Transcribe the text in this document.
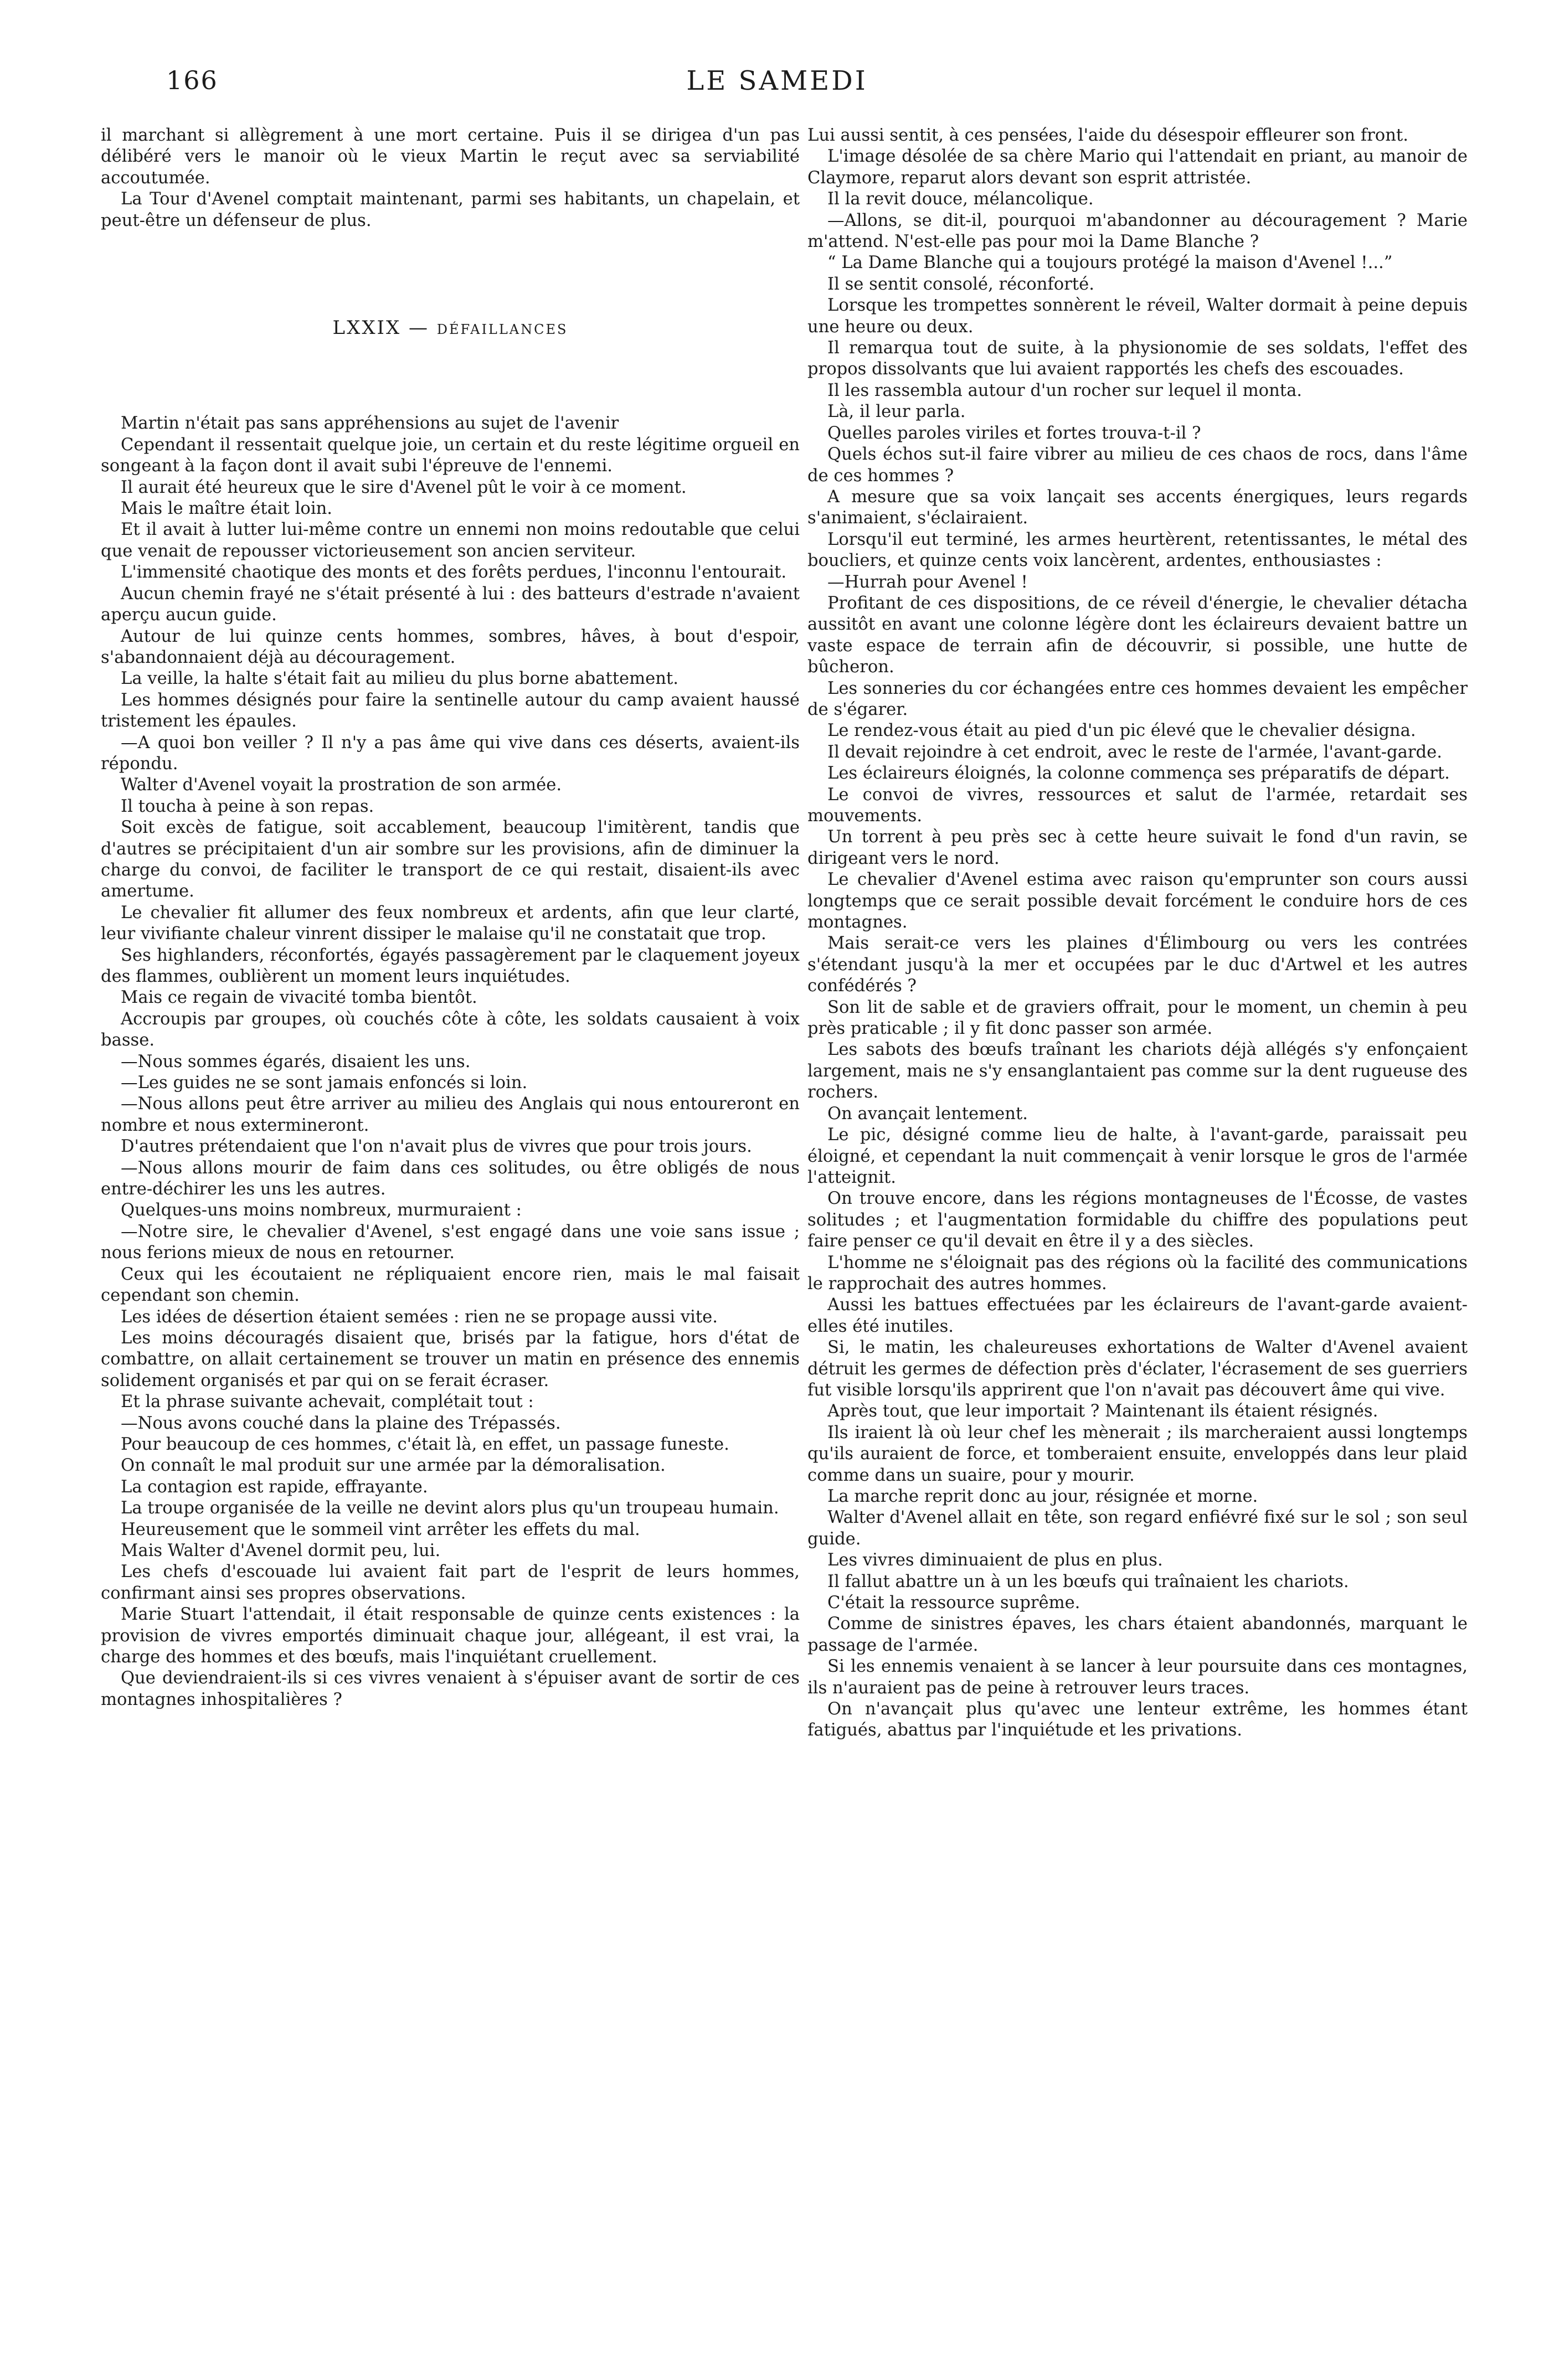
166	LE SAMEDI

il marchant si allègrement à une mort certaine. Puis il se dirigea d'un pas délibéré vers le manoir où le vieux Martin le reçut avec sa serviabilité accoutumée.

La Tour d'Avenel comptait maintenant, parmi ses habitants, un chapelain, et peut-être un défenseur de plus.

LXXIX — DÉFAILLANCES

Martin n'était pas sans appréhensions au sujet de l'avenir

Cependant il ressentait quelque joie, un certain et du reste légitime orgueil en songeant à la façon dont il avait subi l'épreuve de l'ennemi.

Il aurait été heureux que le sire d'Avenel pût le voir à ce moment.

Mais le maître était loin.

Et il avait à lutter lui-même contre un ennemi non moins redoutable que celui que venait de repousser victorieusement son ancien serviteur.

L'immensité chaotique des monts et des forêts perdues, l'inconnu l'entourait.

Aucun chemin frayé ne s'était présenté à lui : des batteurs d'estrade n'avaient aperçu aucun guide.

Autour de lui quinze cents hommes, sombres, hâves, à bout d'espoir, s'abandonnaient déjà au découragement.

La veille, la halte s'était fait au milieu du plus borne abattement.

Les hommes désignés pour faire la sentinelle autour du camp avaient haussé tristement les épaules.

—A quoi bon veiller ? Il n'y a pas âme qui vive dans ces déserts, avaient-ils répondu.

Walter d'Avenel voyait la prostration de son armée.

Il toucha à peine à son repas.

Soit excès de fatigue, soit accablement, beaucoup l'imitèrent, tandis que d'autres se précipitaient d'un air sombre sur les provisions, afin de diminuer la charge du convoi, de faciliter le transport de ce qui restait, disaient-ils avec amertume.

Le chevalier fit allumer des feux nombreux et ardents, afin que leur clarté, leur vivifiante chaleur vinrent dissiper le malaise qu'il ne constatait que trop.

Ses highlanders, réconfortés, égayés passagèrement par le claquement joyeux des flammes, oublièrent un moment leurs inquiétudes.

Mais ce regain de vivacité tomba bientôt.

Accroupis par groupes, où couchés côte à côte, les soldats causaient à voix basse.

—Nous sommes égarés, disaient les uns.

—Les guides ne se sont jamais enfoncés si loin.

—Nous allons peut être arriver au milieu des Anglais qui nous entoureront en nombre et nous extermineront.

D'autres prétendaient que l'on n'avait plus de vivres que pour trois jours.

—Nous allons mourir de faim dans ces solitudes, ou être obligés de nous entre-déchirer les uns les autres.

Quelques-uns moins nombreux, murmuraient :

—Notre sire, le chevalier d'Avenel, s'est engagé dans une voie sans issue ; nous ferions mieux de nous en retourner.

Ceux qui les écoutaient ne répliquaient encore rien, mais le mal faisait cependant son chemin.

Les idées de désertion étaient semées : rien ne se propage aussi vite.

Les moins découragés disaient que, brisés par la fatigue, hors d'état de combattre, on allait certainement se trouver un matin en présence des ennemis solidement organisés et par qui on se ferait écraser.

Et la phrase suivante achevait, complétait tout :

—Nous avons couché dans la plaine des Trépassés.

Pour beaucoup de ces hommes, c'était là, en effet, un passage funeste.

On connaît le mal produit sur une armée par la démoralisation.

La contagion est rapide, effrayante.

La troupe organisée de la veille ne devint alors plus qu'un troupeau humain.

Heureusement que le sommeil vint arrêter les effets du mal.

Mais Walter d'Avenel dormit peu, lui.

Les chefs d'escouade lui avaient fait part de l'esprit de leurs hommes, confirmant ainsi ses propres observations.

Marie Stuart l'attendait, il était responsable de quinze cents existences : la provision de vivres emportés diminuait chaque jour, allégeant, il est vrai, la charge des hommes et des bœufs, mais l'inquiétant cruellement.

Que deviendraient-ils si ces vivres venaient à s'épuiser avant de sortir de ces montagnes inhospitalières ?

Lui aussi sentit, à ces pensées, l'aide du désespoir effleurer son front.

L'image désolée de sa chère Mario qui l'attendait en priant, au manoir de Claymore, reparut alors devant son esprit attristée.

Il la revit douce, mélancolique.

—Allons, se dit-il, pourquoi m'abandonner au découragement ? Marie m'attend. N'est-elle pas pour moi la Dame Blanche ?

“ La Dame Blanche qui a toujours protégé la maison d'Avenel !...”

Il se sentit consolé, réconforté.

Lorsque les trompettes sonnèrent le réveil, Walter dormait à peine depuis une heure ou deux.

Il remarqua tout de suite, à la physionomie de ses soldats, l'effet des propos dissolvants que lui avaient rapportés les chefs des escouades.

Il les rassembla autour d'un rocher sur lequel il monta.

Là, il leur parla.

Quelles paroles viriles et fortes trouva-t-il ?

Quels échos sut-il faire vibrer au milieu de ces chaos de rocs, dans l'âme de ces hommes ?

A mesure que sa voix lançait ses accents énergiques, leurs regards s'animaient, s'éclairaient.

Lorsqu'il eut terminé, les armes heurtèrent, retentissantes, le métal des boucliers, et quinze cents voix lancèrent, ardentes, enthousiastes :

—Hurrah pour Avenel !

Profitant de ces dispositions, de ce réveil d'énergie, le chevalier détacha aussitôt en avant une colonne légère dont les éclaireurs devaient battre un vaste espace de terrain afin de découvrir, si possible, une hutte de bûcheron.

Les sonneries du cor échangées entre ces hommes devaient les empêcher de s'égarer.

Le rendez-vous était au pied d'un pic élevé que le chevalier désigna.

Il devait rejoindre à cet endroit, avec le reste de l'armée, l'avant-garde.

Les éclaireurs éloignés, la colonne commença ses préparatifs de départ.

Le convoi de vivres, ressources et salut de l'armée, retardait ses mouvements.

Un torrent à peu près sec à cette heure suivait le fond d'un ravin, se dirigeant vers le nord.

Le chevalier d'Avenel estima avec raison qu'emprunter son cours aussi longtemps que ce serait possible devait forcément le conduire hors de ces montagnes.

Mais serait-ce vers les plaines d'Élimbourg ou vers les contrées s'étendant jusqu'à la mer et occupées par le duc d'Artwel et les autres confédérés ?

Son lit de sable et de graviers offrait, pour le moment, un chemin à peu près praticable ; il y fit donc passer son armée.

Les sabots des bœufs traînant les chariots déjà allégés s'y enfonçaient largement, mais ne s'y ensanglantaient pas comme sur la dent rugueuse des rochers.

On avançait lentement.

Le pic, désigné comme lieu de halte, à l'avant-garde, paraissait peu éloigné, et cependant la nuit commençait à venir lorsque le gros de l'armée l'atteignit.

On trouve encore, dans les régions montagneuses de l'Écosse, de vastes solitudes ; et l'augmentation formidable du chiffre des populations peut faire penser ce qu'il devait en être il y a des siècles.

L'homme ne s'éloignait pas des régions où la facilité des communications le rapprochait des autres hommes.

Aussi les battues effectuées par les éclaireurs de l'avant-garde avaient-elles été inutiles.

Si, le matin, les chaleureuses exhortations de Walter d'Avenel avaient détruit les germes de défection près d'éclater, l'écrasement de ses guerriers fut visible lorsqu'ils apprirent que l'on n'avait pas découvert âme qui vive.

Après tout, que leur importait ? Maintenant ils étaient résignés.

Ils iraient là où leur chef les mènerait ; ils marcheraient aussi longtemps qu'ils auraient de force, et tomberaient ensuite, enveloppés dans leur plaid comme dans un suaire, pour y mourir.

La marche reprit donc au jour, résignée et morne.

Walter d'Avenel allait en tête, son regard enfiévré fixé sur le sol ; son seul guide.

Les vivres diminuaient de plus en plus.

Il fallut abattre un à un les bœufs qui traînaient les chariots.

C'était la ressource suprême.

Comme de sinistres épaves, les chars étaient abandonnés, marquant le passage de l'armée.

Si les ennemis venaient à se lancer à leur poursuite dans ces montagnes, ils n'auraient pas de peine à retrouver leurs traces.

On n'avançait plus qu'avec une lenteur extrême, les hommes étant fatigués, abattus par l'inquiétude et les privations.
